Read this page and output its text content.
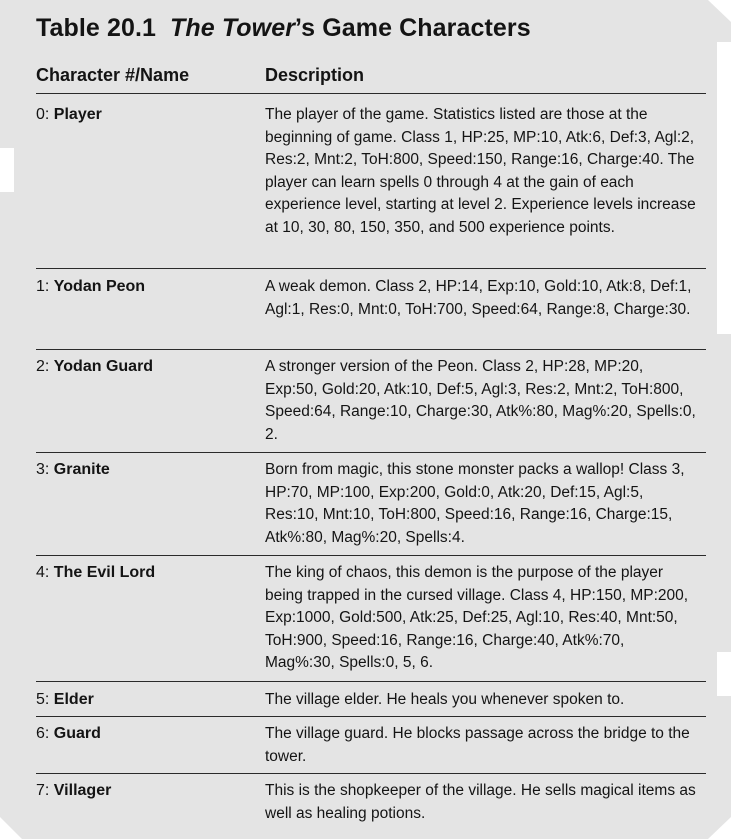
Table 20.1 The Tower’s Game Characters
Character #/Name	Description
0: Player	The player of the game. Statistics listed are those at the beginning of game. Class 1, HP:25, MP:10, Atk:6, Def:3, Agl:2, Res:2, Mnt:2, ToH:800, Speed:150, Range:16, Charge:40. The player can learn spells 0 through 4 at the gain of each experience level, starting at level 2. Experience levels increase at 10, 30, 80, 150, 350, and 500 experience points.
1: Yodan Peon	A weak demon. Class 2, HP:14, Exp:10, Gold:10, Atk:8, Def:1, Agl:1, Res:0, Mnt:0, ToH:700, Speed:64, Range:8, Charge:30.
2: Yodan Guard	A stronger version of the Peon. Class 2, HP:28, MP:20, Exp:50, Gold:20, Atk:10, Def:5, Agl:3, Res:2, Mnt:2, ToH:800, Speed:64, Range:10, Charge:30, Atk%:80, Mag%:20, Spells:0, 2.
3: Granite	Born from magic, this stone monster packs a wallop! Class 3, HP:70, MP:100, Exp:200, Gold:0, Atk:20, Def:15, Agl:5, Res:10, Mnt:10, ToH:800, Speed:16, Range:16, Charge:15, Atk%:80, Mag%:20, Spells:4.
4: The Evil Lord	The king of chaos, this demon is the purpose of the player being trapped in the cursed village. Class 4, HP:150, MP:200, Exp:1000, Gold:500, Atk:25, Def:25, Agl:10, Res:40, Mnt:50, ToH:900, Speed:16, Range:16, Charge:40, Atk%:70, Mag%:30, Spells:0, 5, 6.
5: Elder	The village elder. He heals you whenever spoken to.
6: Guard	The village guard. He blocks passage across the bridge to the tower.
7: Villager	This is the shopkeeper of the village. He sells magical items as well as healing potions.
